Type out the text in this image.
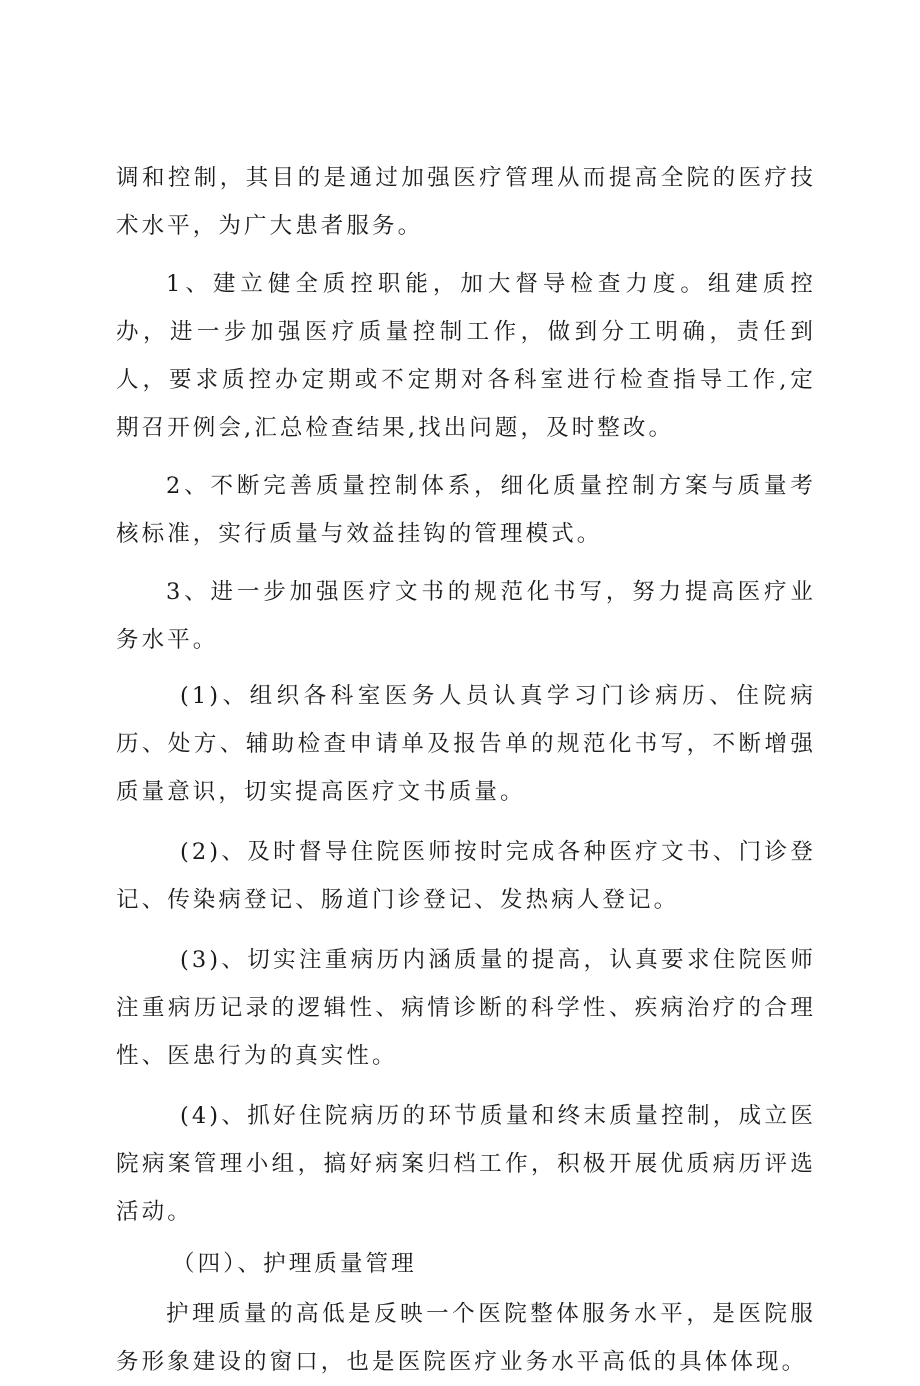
调和控制，其目的是通过加强医疗管理从而提高全院的医疗技术水平，为广大患者服务。

1、建立健全质控职能，加大督导检查力度。组建质控办，进一步加强医疗质量控制工作，做到分工明确，责任到人，要求质控办定期或不定期对各科室进行检查指导工作,定期召开例会,汇总检查结果,找出问题，及时整改。

2、不断完善质量控制体系，细化质量控制方案与质量考核标准，实行质量与效益挂钩的管理模式。

3、进一步加强医疗文书的规范化书写，努力提高医疗业务水平。

(1)、组织各科室医务人员认真学习门诊病历、住院病历、处方、辅助检查申请单及报告单的规范化书写，不断增强质量意识，切实提高医疗文书质量。

(2)、及时督导住院医师按时完成各种医疗文书、门诊登记、传染病登记、肠道门诊登记、发热病人登记。

(3)、切实注重病历内涵质量的提高，认真要求住院医师注重病历记录的逻辑性、病情诊断的科学性、疾病治疗的合理性、医患行为的真实性。

(4)、抓好住院病历的环节质量和终末质量控制，成立医院病案管理小组，搞好病案归档工作，积极开展优质病历评选活动。

（四）、护理质量管理

护理质量的高低是反映一个医院整体服务水平，是医院服务形象建设的窗口，也是医院医疗业务水平高低的具体体现。
